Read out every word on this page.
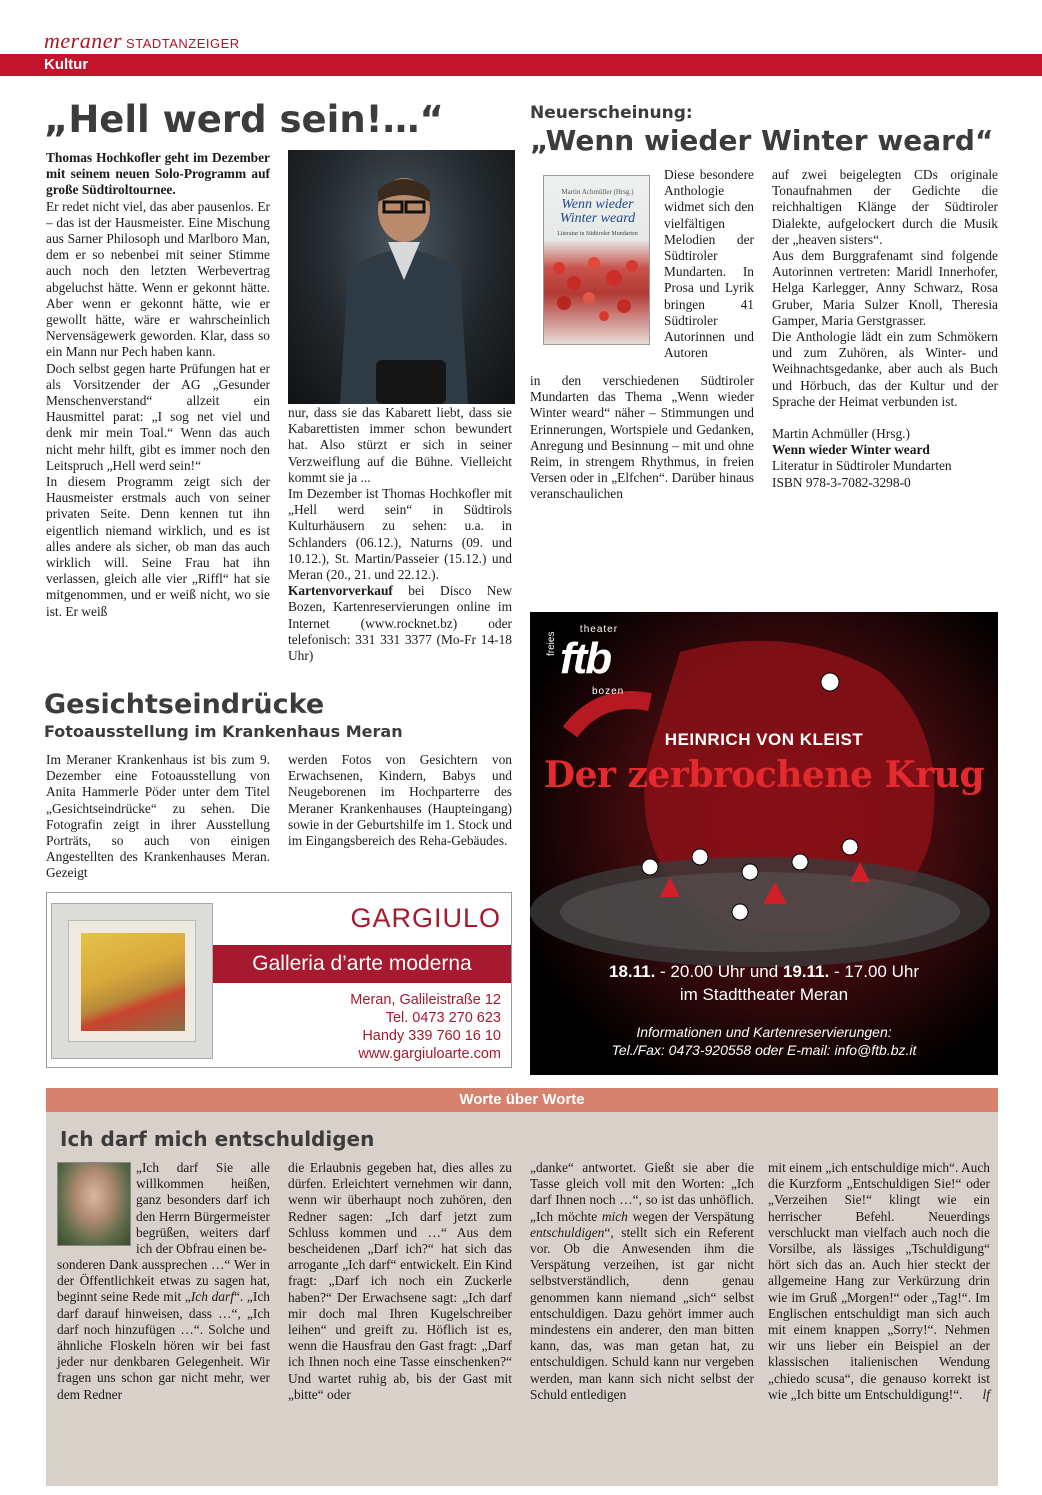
meraner STADTANZEIGER
Kultur
„Hell werd sein!…“

Thomas Hochkofler geht im Dezember mit seinem neuen Solo-Programm auf große Südtiroltournee.

Er redet nicht viel, das aber pausenlos. Er – das ist der Hausmeister. Eine Mischung aus Sarner Philosoph und Marlboro Man, dem er so nebenbei mit seiner Stimme auch noch den letzten Werbevertrag abgeluchst hätte. Wenn er gekonnt hätte. Aber wenn er gekonnt hätte, wie er gewollt hätte, wäre er wahrscheinlich Nervensägewerk geworden. Klar, dass so ein Mann nur Pech haben kann.

Doch selbst gegen harte Prüfungen hat er als Vorsitzender der AG „Gesunder Menschenverstand“ allzeit ein Hausmittel parat: „I sog net viel und denk mir mein Toal.“ Wenn das auch nicht mehr hilft, gibt es immer noch den Leitspruch „Hell werd sein!“

In diesem Programm zeigt sich der Hausmeister erstmals auch von seiner privaten Seite. Denn kennen tut ihn eigentlich niemand wirklich, und es ist alles andere als sicher, ob man das auch wirklich will. Seine Frau hat ihn verlassen, gleich alle vier „Riffl“ hat sie mitgenommen, und er weiß nicht, wo sie ist. Er weiß

nur, dass sie das Kabarett liebt, dass sie Kabarettisten immer schon bewundert hat. Also stürzt er sich in seiner Verzweiflung auf die Bühne. Vielleicht kommt sie ja ...

Im Dezember ist Thomas Hochkofler mit „Hell werd sein“ in Südtirols Kulturhäusern zu sehen: u.a. in Schlanders (06.12.), Naturns (09. und 10.12.), St. Martin/Passeier (15.12.) und Meran (20., 21. und 22.12.).

Kartenvorverkauf bei Disco New Bozen, Kartenreservierungen online im Internet (www.rocknet.bz) oder telefonisch: 331 331 3377 (Mo-Fr 14-18 Uhr)

Neuerscheinung:
„Wenn wieder Winter weard“
Martin Achmüller (Hrsg.)
Wenn wieder Winter weard
Literatur in Südtiroler Mundarten
Diese besondere Anthologie widmet sich den vielfältigen Melodien der Südtiroler Mundarten. In Prosa und Lyrik bringen 41 Südtiroler Autorinnen und Autoren
in den verschiedenen Südtiroler Mundarten das Thema „Wenn wieder Winter weard“ näher – Stimmungen und Erinnerungen, Wortspiele und Gedanken, Anregung und Besinnung – mit und ohne Reim, in strengem Rhythmus, in freien Versen oder in „Elfchen“. Darüber hinaus veranschaulichen

auf zwei beigelegten CDs originale Tonaufnahmen der Gedichte die reichhaltigen Klänge der Südtiroler Dialekte, aufgelockert durch die Musik der „heaven sisters“.

Aus dem Burggrafenamt sind folgende Autorinnen vertreten: Maridl Innerhofer, Helga Karlegger, Anny Schwarz, Rosa Gruber, Maria Sulzer Knoll, Theresia Gamper, Maria Gerstgrasser.

Die Anthologie lädt ein zum Schmökern und zum Zuhören, als Winter- und Weihnachtsgedanke, aber auch als Buch und Hörbuch, das der Kultur und der Sprache der Heimat verbunden ist.

Martin Achmüller (Hrsg.)

Wenn wieder Winter weard

Literatur in Südtiroler Mundarten

ISBN 978-3-7082-3298-0

Gesichtseindrücke
Fotoausstellung im Krankenhaus Meran
Im Meraner Krankenhaus ist bis zum 9. Dezember eine Fotoausstellung von Anita Hammerle Pöder unter dem Titel „Gesichtseindrücke“ zu sehen. Die Fotografin zeigt in ihrer Ausstellung Porträts, so auch von einigen Angestellten des Krankenhauses Meran. Gezeigt
werden Fotos von Gesichtern von Erwachsenen, Kindern, Babys und Neugeborenen im Hochparterre des Meraner Krankenhauses (Haupteingang) sowie in der Geburtshilfe im 1. Stock und im Eingangsbereich des Reha-Gebäudes.
GARGIULO
Galleria d’arte moderna
Meran, Galileistraße 12
Tel. 0473 270 623
Handy 339 760 16 10
www.gargiuloarte.com
theater
freies ftb
bozen
HEINRICH VON KLEIST
Der zerbrochene Krug
18.11. - 20.00 Uhr und 19.11. - 17.00 Uhr
im Stadttheater Meran
Informationen und Kartenreservierungen:
Tel./Fax: 0473-920558 oder E-mail: info@ftb.bz.it
Worte über Worte
Ich darf mich entschuldigen
„Ich darf Sie alle willkommen heißen, ganz besonders darf ich den Herrn Bürgermeister begrüßen, weiters darf ich der Obfrau einen be-
sonderen Dank aussprechen …“ Wer in der Öffentlichkeit etwas zu sagen hat, beginnt seine Rede mit „Ich darf“. „Ich darf darauf hinweisen, dass …“, „Ich darf noch hinzufügen …“. Solche und ähnliche Floskeln hören wir bei fast jeder nur denkbaren Gelegenheit. Wir fragen uns schon gar nicht mehr, wer dem Redner
die Erlaubnis gegeben hat, dies alles zu dürfen. Erleichtert vernehmen wir dann, wenn wir überhaupt noch zuhören, den Redner sagen: „Ich darf jetzt zum Schluss kommen und …“ Aus dem bescheidenen „Darf ich?“ hat sich das arrogante „Ich darf“ entwickelt. Ein Kind fragt: „Darf ich noch ein Zuckerle haben?“ Der Erwachsene sagt: „Ich darf mir doch mal Ihren Kugelschreiber leihen“ und greift zu. Höflich ist es, wenn die Hausfrau den Gast fragt: „Darf ich Ihnen noch eine Tasse einschenken?“ Und wartet ruhig ab, bis der Gast mit „bitte“ oder
„danke“ antwortet. Gießt sie aber die Tasse gleich voll mit den Worten: „Ich darf Ihnen noch …“, so ist das unhöflich. „Ich möchte mich wegen der Verspätung entschuldigen“, stellt sich ein Referent vor. Ob die Anwesenden ihm die Verspätung verzeihen, ist gar nicht selbstverständlich, denn genau genommen kann niemand „sich“ selbst entschuldigen. Dazu gehört immer auch mindestens ein anderer, den man bitten kann, das, was man getan hat, zu entschuldigen. Schuld kann nur vergeben werden, man kann sich nicht selbst der Schuld entledigen
mit einem „ich entschuldige mich“. Auch die Kurzform „Entschuldigen Sie!“ oder „Verzeihen Sie!“ klingt wie ein herrischer Befehl. Neuerdings verschluckt man vielfach auch noch die Vorsilbe, als lässiges „Tschuldigung“ hört sich das an. Auch hier steckt der allgemeine Hang zur Verkürzung drin wie im Gruß „Morgen!“ oder „Tag!“. Im Englischen entschuldigt man sich auch mit einem knappen „Sorry!“. Nehmen wir uns lieber ein Beispiel an der klassischen italienischen Wendung „chiedo scusa“, die genauso korrekt ist wie „Ich bitte um Entschuldigung!“. lf
